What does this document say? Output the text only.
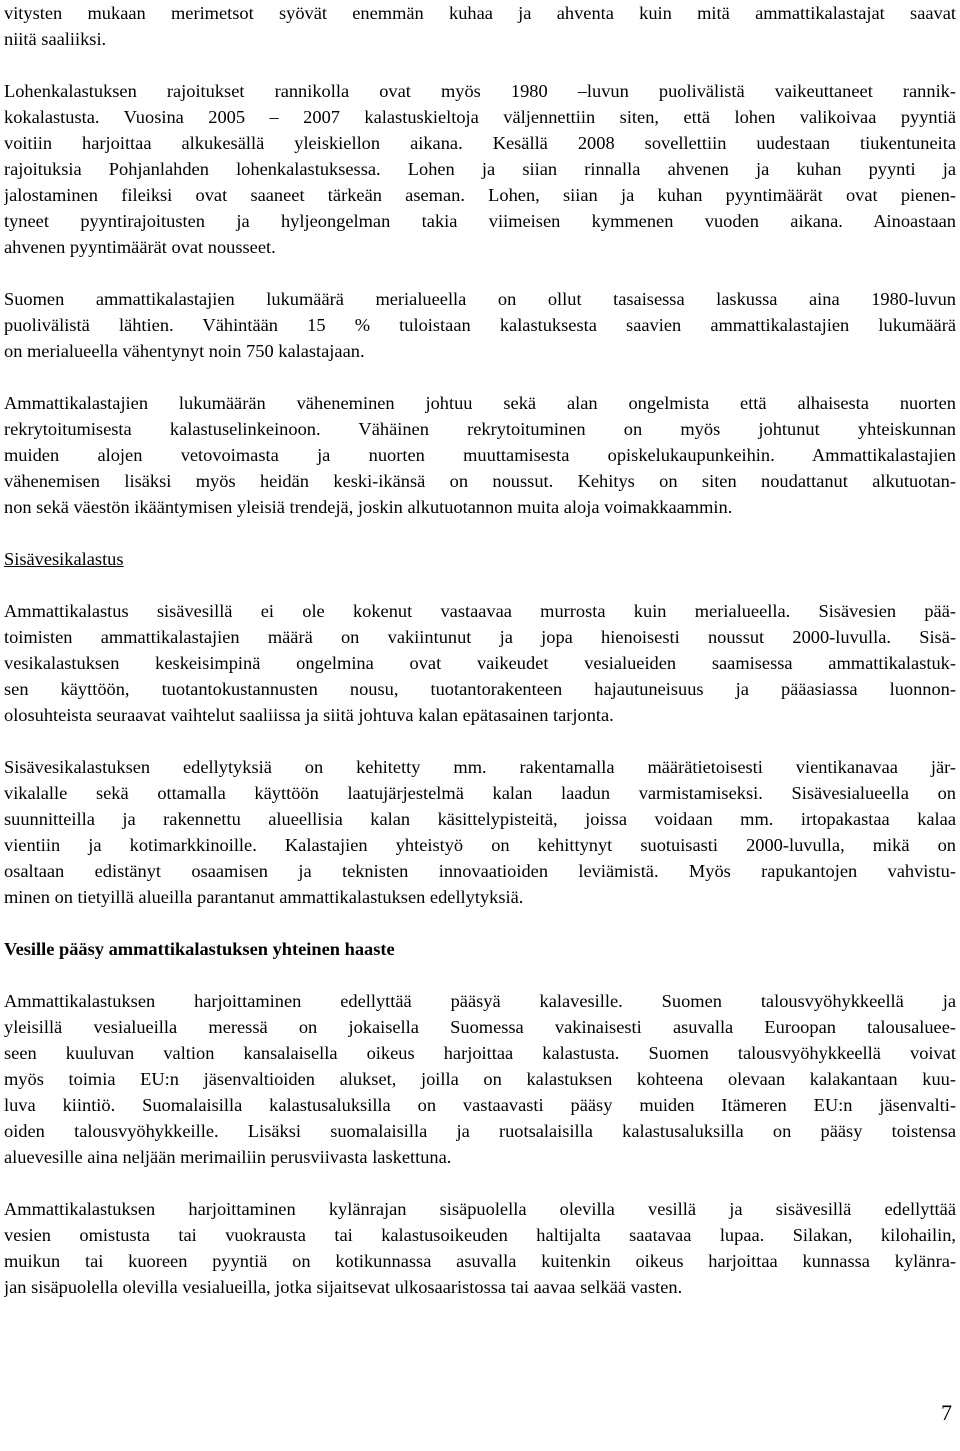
vitysten mukaan merimetsot syövät enemmän kuhaa ja ahventa kuin mitä ammattikalastajat saavat
niitä saaliiksi.
Lohenkalastuksen rajoitukset rannikolla ovat myös 1980 –luvun puolivälistä vaikeuttaneet rannik-
kokalastusta. Vuosina 2005 – 2007 kalastuskieltoja väljennettiin siten, että lohen valikoivaa pyyntiä
voitiin harjoittaa alkukesällä yleiskiellon aikana. Kesällä 2008 sovellettiin uudestaan tiukentuneita
rajoituksia Pohjanlahden lohenkalastuksessa. Lohen ja siian rinnalla ahvenen ja kuhan pyynti ja
jalostaminen fileiksi ovat saaneet tärkeän aseman. Lohen, siian ja kuhan pyyntimäärät ovat pienen-
tyneet pyyntirajoitusten ja hyljeongelman takia viimeisen kymmenen vuoden aikana. Ainoastaan
ahvenen pyyntimäärät ovat nousseet.
Suomen ammattikalastajien lukumäärä merialueella on ollut tasaisessa laskussa aina 1980-luvun
puolivälistä lähtien. Vähintään 15 % tuloistaan kalastuksesta saavien ammattikalastajien lukumäärä
on merialueella vähentynyt noin 750 kalastajaan.
Ammattikalastajien lukumäärän väheneminen johtuu sekä alan ongelmista että alhaisesta nuorten
rekrytoitumisesta kalastuselinkeinoon. Vähäinen rekrytoituminen on myös johtunut yhteiskunnan
muiden alojen vetovoimasta ja nuorten muuttamisesta opiskelukaupunkeihin. Ammattikalastajien
vähenemisen lisäksi myös heidän keski-ikänsä on noussut. Kehitys on siten noudattanut alkutuotan-
non sekä väestön ikääntymisen yleisiä trendejä, joskin alkutuotannon muita aloja voimakkaammin.
Sisävesikalastus
Ammattikalastus sisävesillä ei ole kokenut vastaavaa murrosta kuin merialueella. Sisävesien pää-
toimisten ammattikalastajien määrä on vakiintunut ja jopa hienoisesti noussut 2000-luvulla. Sisä-
vesikalastuksen keskeisimpinä ongelmina ovat vaikeudet vesialueiden saamisessa ammattikalastuk-
sen käyttöön, tuotantokustannusten nousu, tuotantorakenteen hajautuneisuus ja pääasiassa luonnon-
olosuhteista seuraavat vaihtelut saaliissa ja siitä johtuva kalan epätasainen tarjonta.
Sisävesikalastuksen edellytyksiä on kehitetty mm. rakentamalla määrätietoisesti vientikanavaa jär-
vikalalle sekä ottamalla käyttöön laatujärjestelmä kalan laadun varmistamiseksi. Sisävesialueella on
suunnitteilla ja rakennettu alueellisia kalan käsittelypisteitä, joissa voidaan mm. irtopakastaa kalaa
vientiin ja kotimarkkinoille. Kalastajien yhteistyö on kehittynyt suotuisasti 2000-luvulla, mikä on
osaltaan edistänyt osaamisen ja teknisten innovaatioiden leviämistä. Myös rapukantojen vahvistu-
minen on tietyillä alueilla parantanut ammattikalastuksen edellytyksiä.
Vesille pääsy ammattikalastuksen yhteinen haaste
Ammattikalastuksen harjoittaminen edellyttää pääsyä kalavesille. Suomen talousvyöhykkeellä ja
yleisillä vesialueilla meressä on jokaisella Suomessa vakinaisesti asuvalla Euroopan talousaluee-
seen kuuluvan valtion kansalaisella oikeus harjoittaa kalastusta. Suomen talousvyöhykkeellä voivat
myös toimia EU:n jäsenvaltioiden alukset, joilla on kalastuksen kohteena olevaan kalakantaan kuu-
luva kiintiö. Suomalaisilla kalastusaluksilla on vastaavasti pääsy muiden Itämeren EU:n jäsenvalti-
oiden talousvyöhykkeille. Lisäksi suomalaisilla ja ruotsalaisilla kalastusaluksilla on pääsy toistensa
aluevesille aina neljään merimailiin perusviivasta laskettuna.
Ammattikalastuksen harjoittaminen kylänrajan sisäpuolella olevilla vesillä ja sisävesillä edellyttää
vesien omistusta tai vuokrausta tai kalastusoikeuden haltijalta saatavaa lupaa. Silakan, kilohailin,
muikun tai kuoreen pyyntiä on kotikunnassa asuvalla kuitenkin oikeus harjoittaa kunnassa kylänra-
jan sisäpuolella olevilla vesialueilla, jotka sijaitsevat ulkosaaristossa tai aavaa selkää vasten.
7
